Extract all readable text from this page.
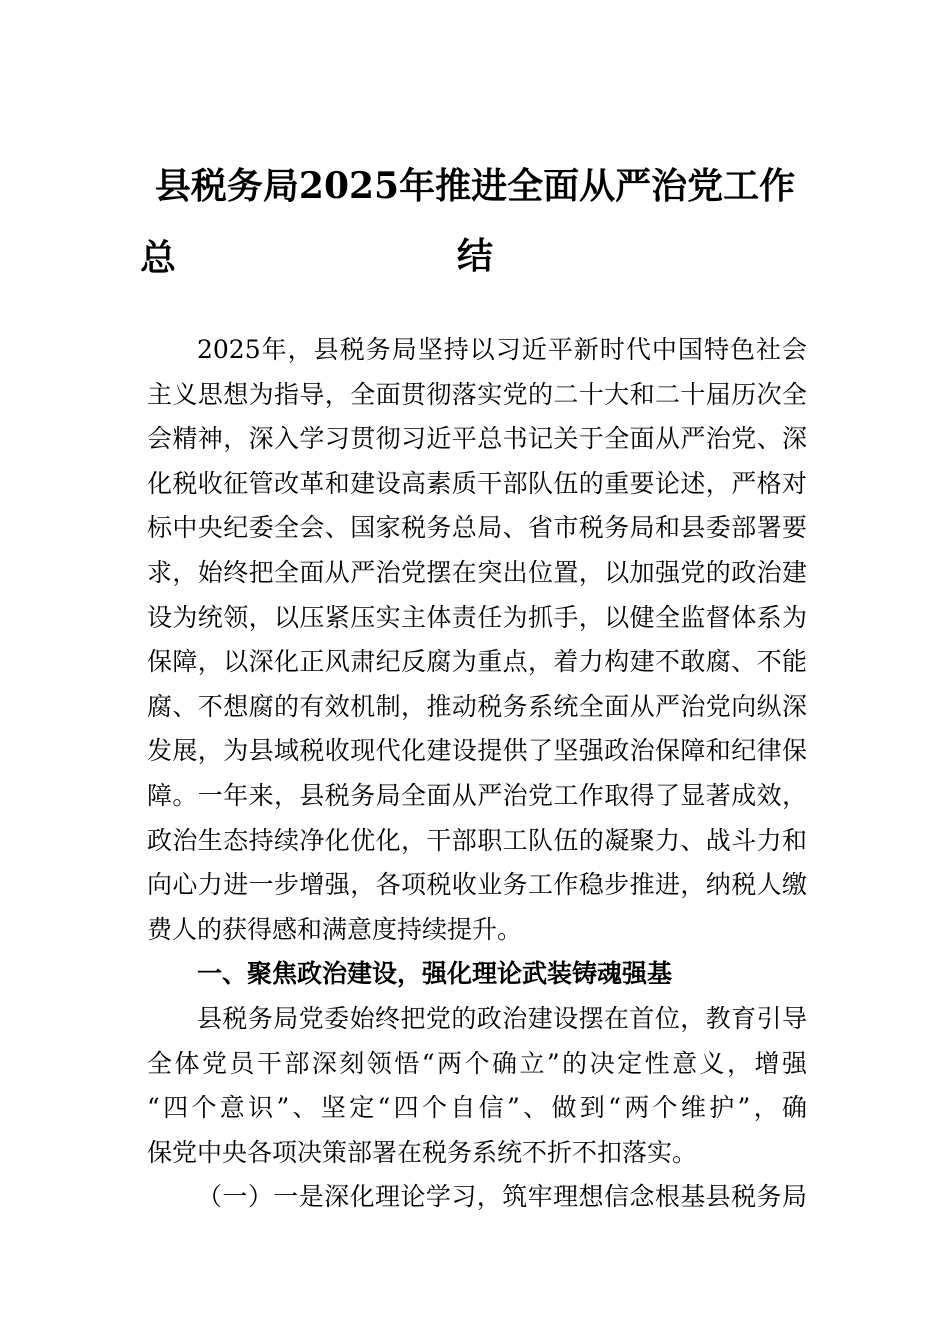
县税务局2025年推进全面从严治党工作总	结
2025年，县税务局坚持以习近平新时代中国特色社会
主义思想为指导，全面贯彻落实党的二十大和二十届历次全
会精神，深入学习贯彻习近平总书记关于全面从严治党、深
化税收征管改革和建设高素质干部队伍的重要论述，严格对
标中央纪委全会、国家税务总局、省市税务局和县委部署要
求，始终把全面从严治党摆在突出位置，以加强党的政治建
设为统领，以压紧压实主体责任为抓手，以健全监督体系为
保障，以深化正风肃纪反腐为重点，着力构建不敢腐、不能
腐、不想腐的有效机制，推动税务系统全面从严治党向纵深
发展，为县域税收现代化建设提供了坚强政治保障和纪律保
障。一年来，县税务局全面从严治党工作取得了显著成效，
政治生态持续净化优化，干部职工队伍的凝聚力、战斗力和
向心力进一步增强，各项税收业务工作稳步推进，纳税人缴
费人的获得感和满意度持续提升。
一、聚焦政治建设，强化理论武装铸魂强基
县税务局党委始终把党的政治建设摆在首位，教育引导
全体党员干部深刻领悟“两个确立”的决定性意义，增强
“四个意识”、坚定“四个自信”、做到“两个维护”，确
保党中央各项决策部署在税务系统不折不扣落实。
（一）一是深化理论学习，筑牢理想信念根基县税务局
